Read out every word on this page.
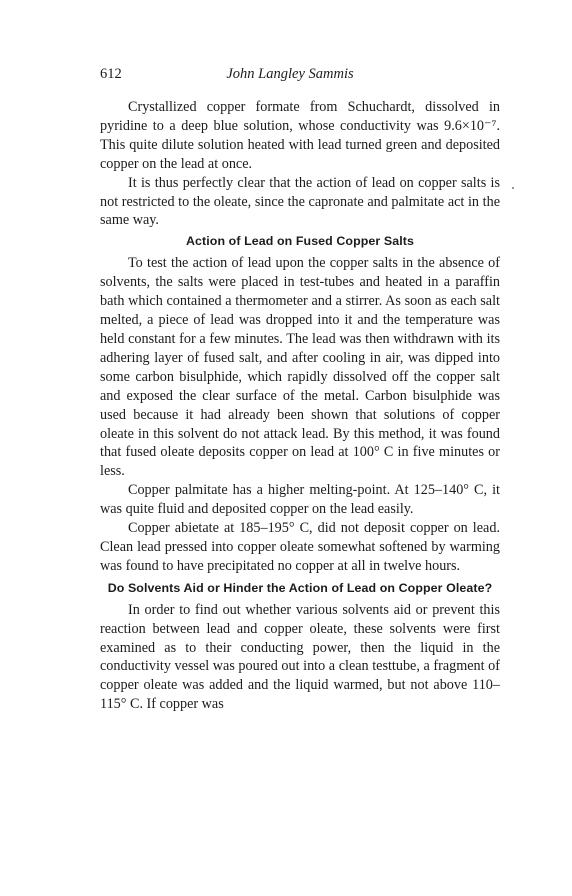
612	John Langley Sammis

Crystallized copper formate from Schuchardt, dissolved in pyridine to a deep blue solution, whose conductivity was 9.6×10⁻⁷. This quite dilute solution heated with lead turned green and deposited copper on the lead at once.

It is thus perfectly clear that the action of lead on copper salts is not restricted to the oleate, since the capronate and palmitate act in the same way.

Action of Lead on Fused Copper Salts

To test the action of lead upon the copper salts in the absence of solvents, the salts were placed in test-tubes and heated in a paraffin bath which contained a thermometer and a stirrer. As soon as each salt melted, a piece of lead was dropped into it and the temperature was held constant for a few minutes. The lead was then withdrawn with its adhering layer of fused salt, and after cooling in air, was dipped into some carbon bisulphide, which rapidly dissolved off the copper salt and exposed the clear surface of the metal. Carbon bisulphide was used because it had already been shown that solutions of copper oleate in this solvent do not attack lead. By this method, it was found that fused oleate deposits copper on lead at 100° C in five minutes or less.

Copper palmitate has a higher melting-point. At 125–140° C, it was quite fluid and deposited copper on the lead easily.

Copper abietate at 185–195° C, did not deposit copper on lead. Clean lead pressed into copper oleate somewhat softened by warming was found to have precipitated no copper at all in twelve hours.

Do Solvents Aid or Hinder the Action of Lead on Copper Oleate?

In order to find out whether various solvents aid or prevent this reaction between lead and copper oleate, these solvents were first examined as to their conducting power, then the liquid in the conductivity vessel was poured out into a clean testtube, a fragment of copper oleate was added and the liquid warmed, but not above 110–115° C. If copper was
